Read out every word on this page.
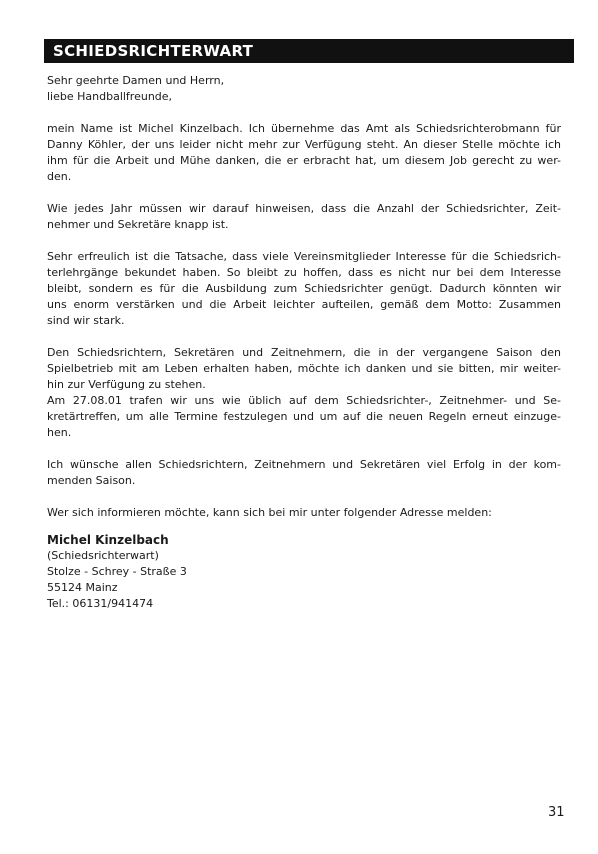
SCHIEDSRICHTERWART

Sehr geehrte Damen und Herrn,
liebe Handballfreunde,

mein Name ist Michel Kinzelbach. Ich übernehme das Amt als Schiedsrichterobmann für
Danny Köhler, der uns leider nicht mehr zur Verfügung steht. An dieser Stelle möchte ich
ihm für die Arbeit und Mühe danken, die er erbracht hat, um diesem Job gerecht zu wer-
den.

Wie jedes Jahr müssen wir darauf hinweisen, dass die Anzahl der Schiedsrichter, Zeit-
nehmer und Sekretäre knapp ist.

Sehr erfreulich ist die Tatsache, dass viele Vereinsmitglieder Interesse für die Schiedsrich-
terlehrgänge bekundet haben. So bleibt zu hoffen, dass es nicht nur bei dem Interesse
bleibt, sondern es für die Ausbildung zum Schiedsrichter genügt. Dadurch könnten wir
uns enorm verstärken und die Arbeit leichter aufteilen, gemäß dem Motto: Zusammen
sind wir stark.

Den Schiedsrichtern, Sekretären und Zeitnehmern, die in der vergangene Saison den
Spielbetrieb mit am Leben erhalten haben, möchte ich danken und sie bitten, mir weiter-
hin zur Verfügung zu stehen.

Am 27.08.01 trafen wir uns wie üblich auf dem Schiedsrichter-, Zeitnehmer- und Se-
kretärtreffen, um alle Termine festzulegen und um auf die neuen Regeln erneut einzuge-
hen.

Ich wünsche allen Schiedsrichtern, Zeitnehmern und Sekretären viel Erfolg in der kom-
menden Saison.

Wer sich informieren möchte, kann sich bei mir unter folgender Adresse melden:

Michel Kinzelbach
(Schiedsrichterwart)
Stolze - Schrey - Straße 3
55124 Mainz
Tel.: 06131/941474
31
